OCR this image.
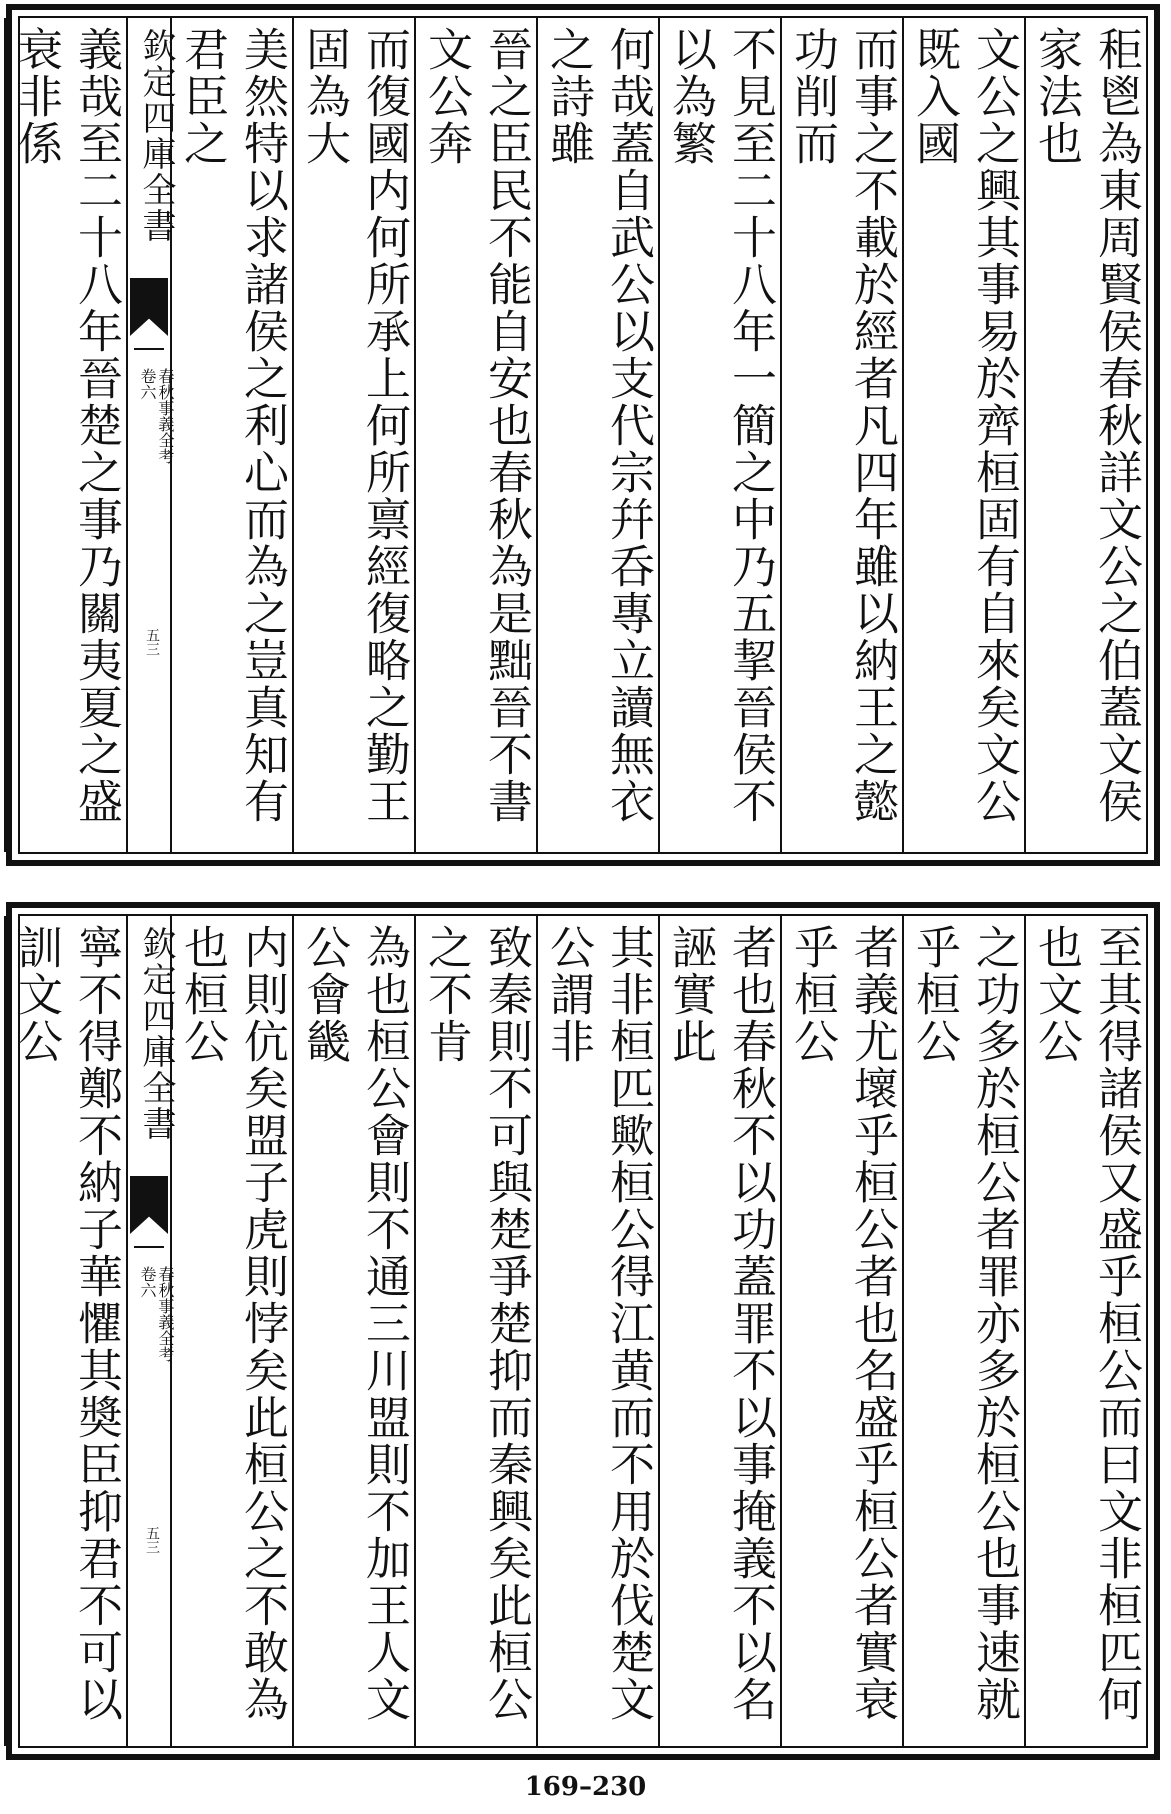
秬鬯為東周賢侯春秋詳文公之伯蓋文侯家法也
文公之興其事易於齊桓固有自來矣文公既入國
而事之不載於經者凡四年雖以納王之懿功削而
不見至二十八年一簡之中乃五挈晉侯不以為繁
何哉蓋自武公以支代宗幷呑專立讀無衣之詩雖
晉之臣民不能自安也春秋為是黜晉不書文公奔
而復國内何所承上何所禀經復略之勤王固為大
美然特以求諸侯之利心而為之豈真知有君臣之
欽定四庫全書
春秋事義全考
卷六
五三
義哉至二十八年晉楚之事乃關夷夏之盛衰非係
至其得諸侯又盛乎桓公而曰文非桓匹何也文公
之功多於桓公者罪亦多於桓公也事速就乎桓公
者義尤壞乎桓公者也名盛乎桓公者實衰乎桓公
者也春秋不以功蓋罪不以事掩義不以名誣實此
其非桓匹歟桓公得江黄而不用於伐楚文公謂非
致秦則不可與楚爭楚抑而秦興矣此桓公之不肯
為也桓公會則不通三川盟則不加王人文公會畿
内則伉矣盟子虎則悖矣此桓公之不敢為也桓公
欽定四庫全書
春秋事義全考
卷六
五三
寧不得鄭不納子華懼其奬臣抑君不可以訓文公
169–230
